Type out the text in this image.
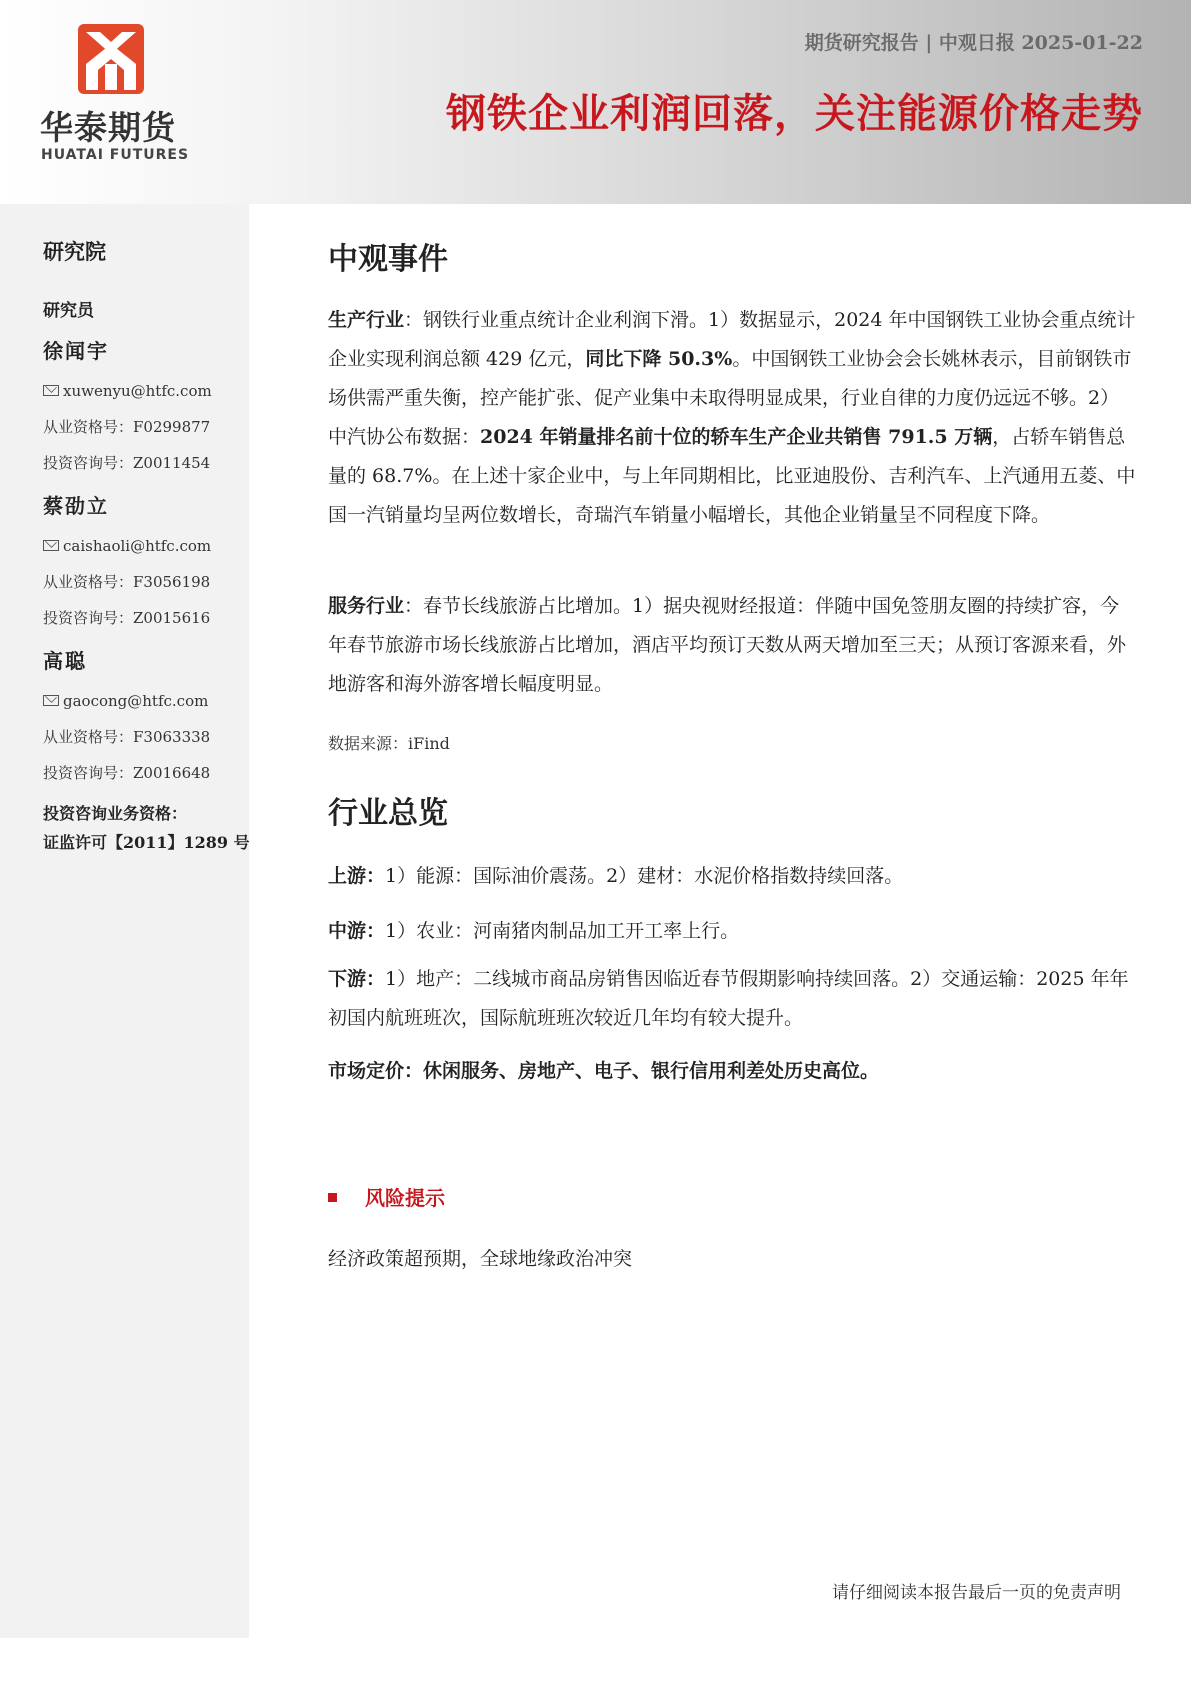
华泰期货
HUATAI FUTURES
期货研究报告 | 中观日报 2025-01-22
钢铁企业利润回落，关注能源价格走势
研究院
研究员
徐闻宇
xuwenyu@htfc.com
从业资格号：F0299877
投资咨询号：Z0011454
蔡劭立
caishaoli@htfc.com
从业资格号：F3056198
投资咨询号：Z0015616
高聪
gaocong@htfc.com
从业资格号：F3063338
投资咨询号：Z0016648
投资咨询业务资格：
证监许可【2011】1289 号
中观事件
生产行业：钢铁行业重点统计企业利润下滑。1）数据显示，2024 年中国钢铁工业协会重点统计企业实现利润总额 429 亿元，同比下降 50.3%。中国钢铁工业协会会长姚林表示，目前钢铁市场供需严重失衡，控产能扩张、促产业集中未取得明显成果，行业自律的力度仍远远不够。2）中汽协公布数据：2024 年销量排名前十位的轿车生产企业共销售 791.5 万辆，占轿车销售总量的 68.7%。在上述十家企业中，与上年同期相比，比亚迪股份、吉利汽车、上汽通用五菱、中国一汽销量均呈两位数增长，奇瑞汽车销量小幅增长，其他企业销量呈不同程度下降。
服务行业：春节长线旅游占比增加。1）据央视财经报道：伴随中国免签朋友圈的持续扩容，今年春节旅游市场长线旅游占比增加，酒店平均预订天数从两天增加至三天；从预订客源来看，外地游客和海外游客增长幅度明显。
数据来源：iFind
行业总览
上游：1）能源：国际油价震荡。2）建材：水泥价格指数持续回落。
中游：1）农业：河南猪肉制品加工开工率上行。
下游：1）地产：二线城市商品房销售因临近春节假期影响持续回落。2）交通运输：2025 年年初国内航班班次，国际航班班次较近几年均有较大提升。
市场定价：休闲服务、房地产、电子、银行信用利差处历史高位。
风险提示
经济政策超预期，全球地缘政治冲突
请仔细阅读本报告最后一页的免责声明
